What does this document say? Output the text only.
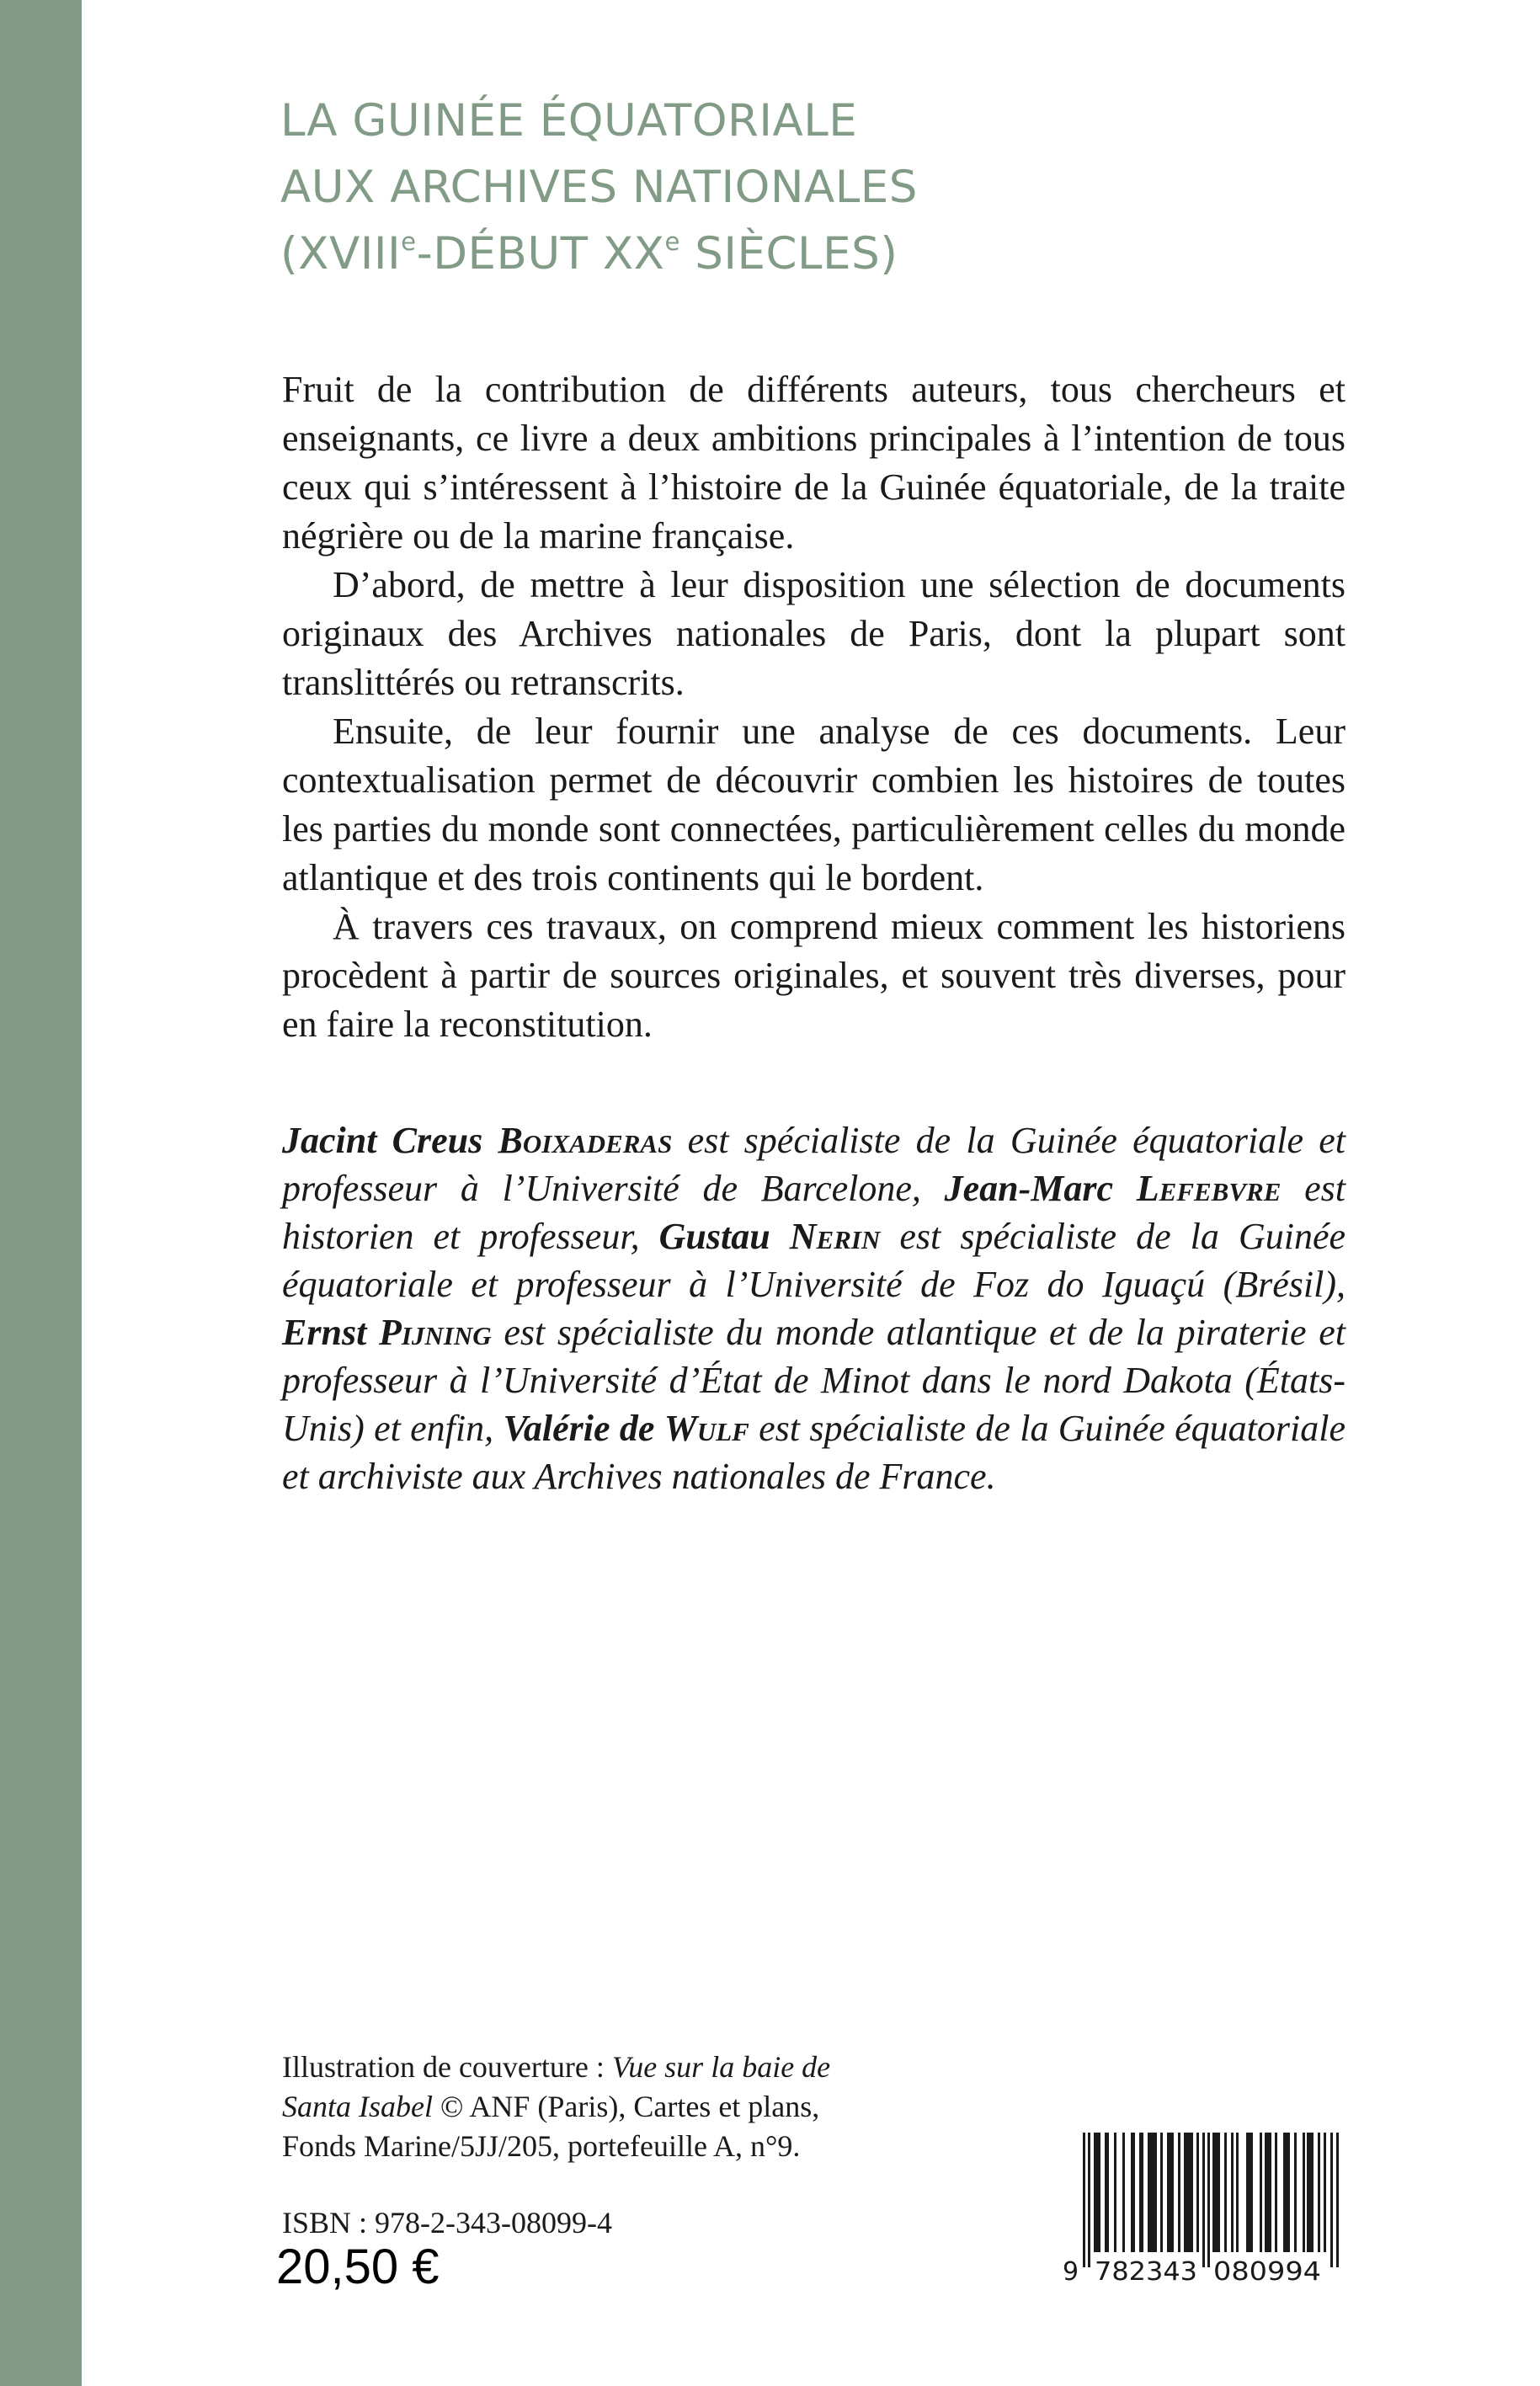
LA GUINÉE ÉQUATORIALE
AUX ARCHIVES NATIONALES
(XVIIIe-DÉBUT XXe SIÈCLES)

Fruit de la contribution de différents auteurs, tous chercheurs et enseignants, ce livre a deux ambitions principales à l’intention de tous ceux qui s’intéressent à l’histoire de la Guinée équatoriale, de la traite négrière ou de la marine française.

D’abord, de mettre à leur disposition une sélection de documents originaux des Archives nationales de Paris, dont la plupart sont translittérés ou retranscrits.

Ensuite, de leur fournir une analyse de ces documents. Leur contextualisation permet de découvrir combien les histoires de toutes les parties du monde sont connectées, particulièrement celles du monde atlantique et des trois continents qui le bordent.

À travers ces travaux, on comprend mieux comment les historiens procèdent à partir de sources originales, et souvent très diverses, pour en faire la reconstitution.

Jacint Creus Boixaderas est spécialiste de la Guinée équatoriale et professeur à l’Université de Barcelone, Jean-Marc Lefebvre est historien et professeur, Gustau Nerin est spécialiste de la Guinée équatoriale et professeur à l’Université de Foz do Iguaçú (Brésil), Ernst Pijning est spécialiste du monde atlantique et de la piraterie et professeur à l’Université d’État de Minot dans le nord Dakota (États-Unis) et enfin, Valérie de Wulf est spécialiste de la Guinée équatoriale et archiviste aux Archives nationales de France.

Illustration de couverture : Vue sur la baie de Santa Isabel © ANF (Paris), Cartes et plans, Fonds Marine/5JJ/205, portefeuille A, n°9.

ISBN : 978-2-343-08099-4

20,50 €	9 782343 080994
